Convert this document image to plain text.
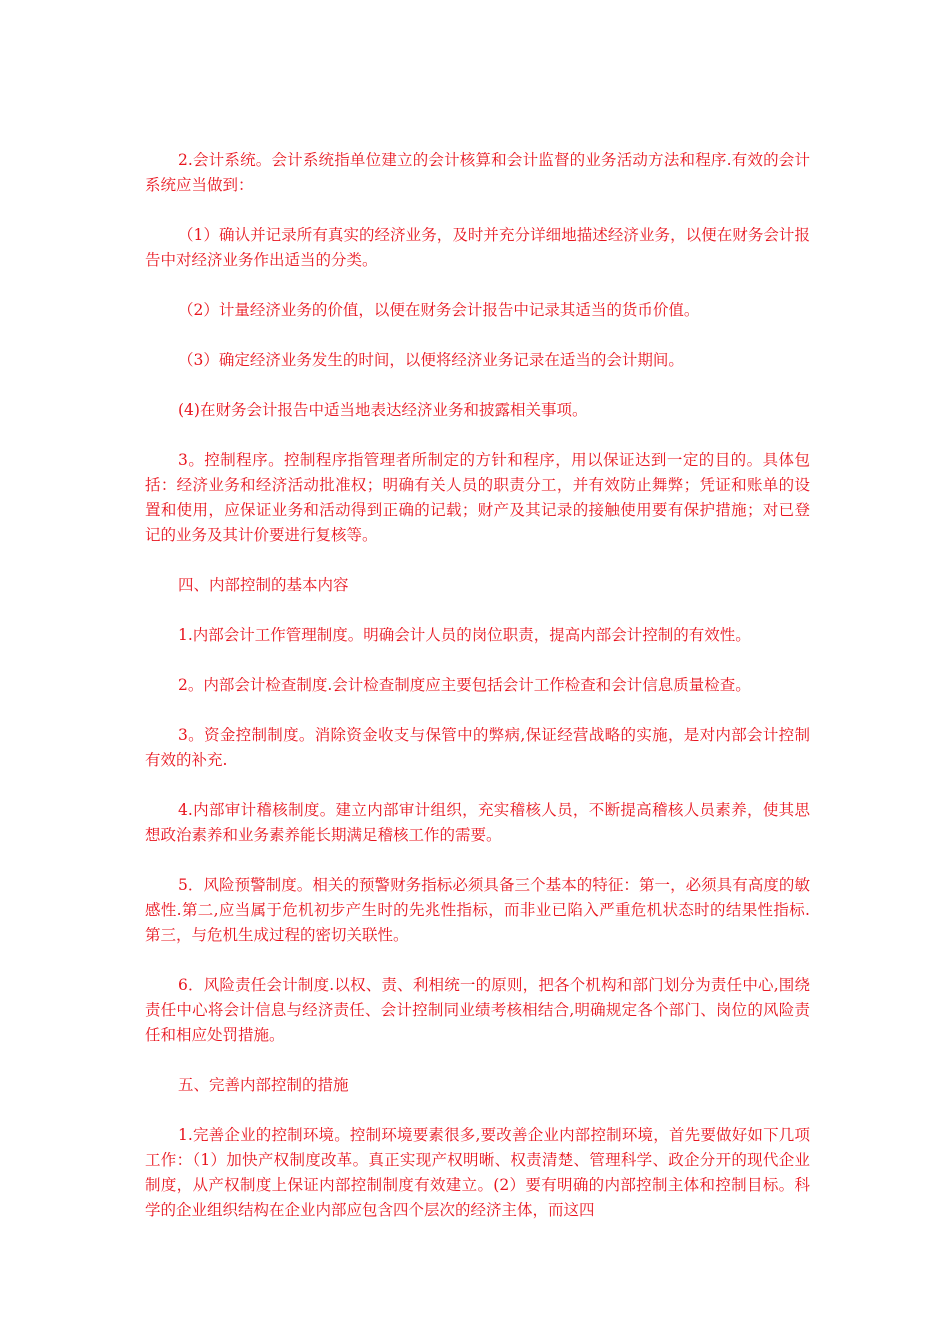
2.会计系统。会计系统指单位建立的会计核算和会计监督的业务活动方法和程序.有效的会计系统应当做到：

（1）确认并记录所有真实的经济业务，及时并充分详细地描述经济业务，以便在财务会计报告中对经济业务作出适当的分类。

（2）计量经济业务的价值，以便在财务会计报告中记录其适当的货币价值。

（3）确定经济业务发生的时间，以便将经济业务记录在适当的会计期间。

(4)在财务会计报告中适当地表达经济业务和披露相关事项。

3。控制程序。控制程序指管理者所制定的方针和程序，用以保证达到一定的目的。具体包括：经济业务和经济活动批准权；明确有关人员的职责分工，并有效防止舞弊；凭证和账单的设置和使用，应保证业务和活动得到正确的记载；财产及其记录的接触使用要有保护措施；对已登记的业务及其计价要进行复核等。

四、内部控制的基本内容

1.内部会计工作管理制度。明确会计人员的岗位职责，提高内部会计控制的有效性。

2。内部会计检查制度.会计检查制度应主要包括会计工作检查和会计信息质量检查。

3。资金控制制度。消除资金收支与保管中的弊病,保证经营战略的实施，是对内部会计控制有效的补充.

4.内部审计稽核制度。建立内部审计组织，充实稽核人员，不断提高稽核人员素养，使其思想政治素养和业务素养能长期满足稽核工作的需要。

5．风险预警制度。相关的预警财务指标必须具备三个基本的特征：第一，必须具有高度的敏感性.第二,应当属于危机初步产生时的先兆性指标，而非业已陷入严重危机状态时的结果性指标.第三，与危机生成过程的密切关联性。

6．风险责任会计制度.以权、责、利相统一的原则，把各个机构和部门划分为责任中心,围绕责任中心将会计信息与经济责任、会计控制同业绩考核相结合,明确规定各个部门、岗位的风险责任和相应处罚措施。

五、完善内部控制的措施

1.完善企业的控制环境。控制环境要素很多,要改善企业内部控制环境，首先要做好如下几项工作：（1）加快产权制度改革。真正实现产权明晰、权责清楚、管理科学、政企分开的现代企业制度，从产权制度上保证内部控制制度有效建立。(2）要有明确的内部控制主体和控制目标。科学的企业组织结构在企业内部应包含四个层次的经济主体，而这四
